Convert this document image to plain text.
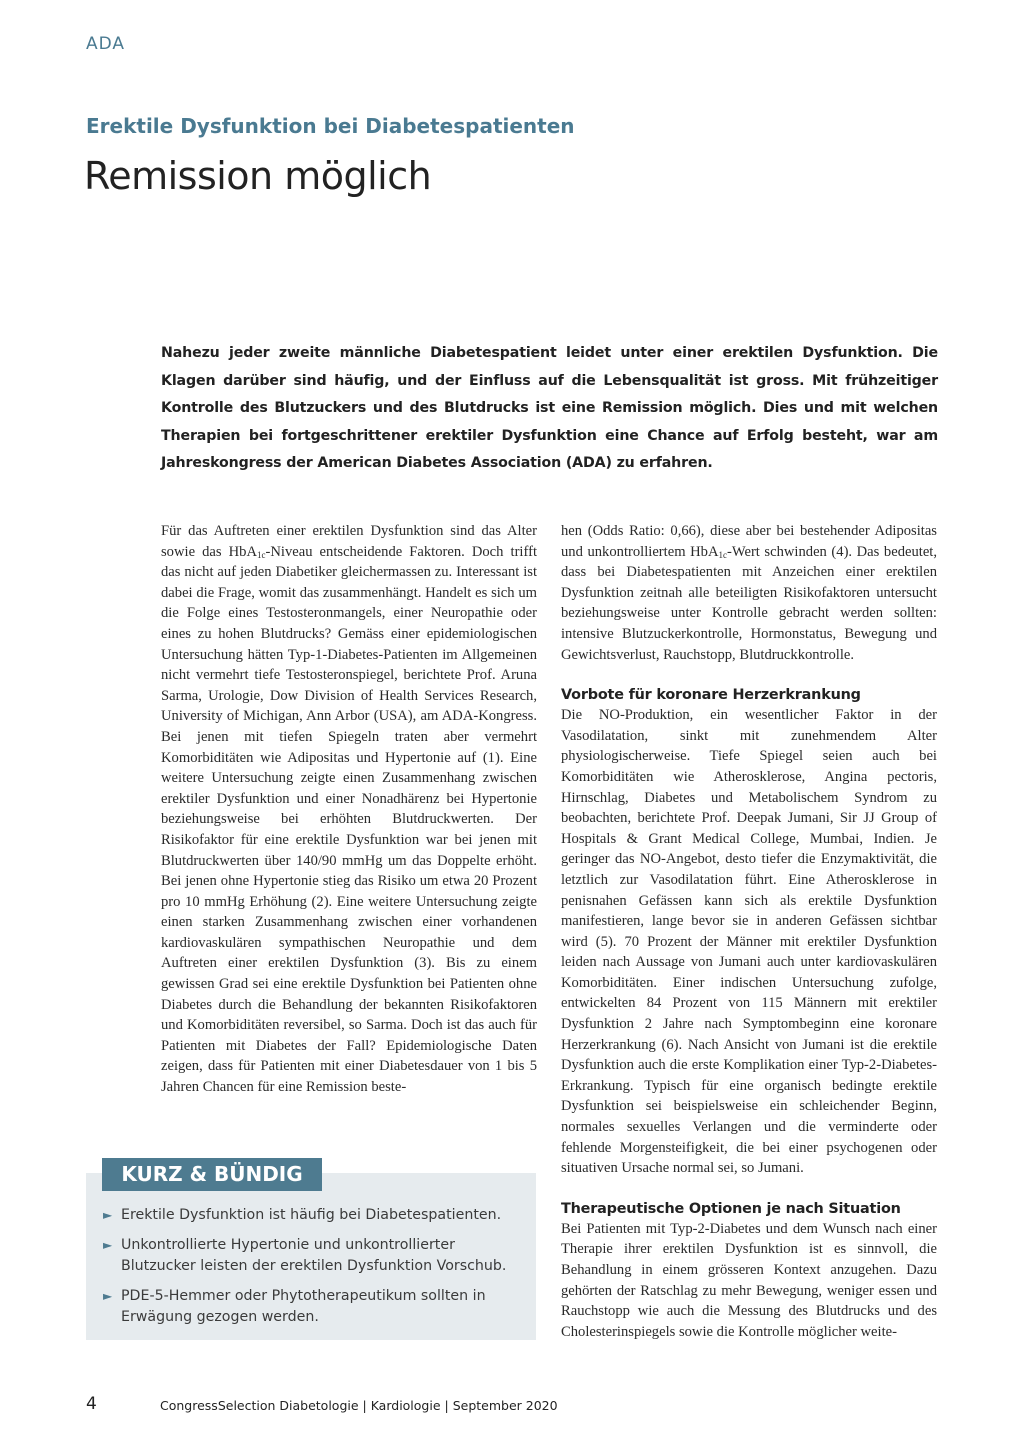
ADA
Erektile Dysfunktion bei Diabetespatienten
Remission möglich
Nahezu jeder zweite männliche Diabetespatient leidet unter einer erektilen Dysfunktion. Die Klagen darüber sind häufig, und der Einfluss auf die Lebensqualität ist gross. Mit frühzeitiger Kontrolle des Blutzuckers und des Blutdrucks ist eine Remission möglich. Dies und mit welchen Therapien bei fortgeschrittener erektiler Dysfunktion eine Chance auf Erfolg besteht, war am Jahreskongress der American Diabetes Association (ADA) zu erfahren.

Für das Auftreten einer erektilen Dysfunktion sind das Alter sowie das HbA$_{1c}$-Niveau entscheidende Faktoren. Doch trifft das nicht auf jeden Diabetiker gleichermassen zu. Interessant ist dabei die Frage, womit das zusammenhängt. Handelt es sich um die Folge eines Testosteronmangels, einer Neuropathie oder eines zu hohen Blutdrucks? Gemäss einer epidemiologischen Untersuchung hätten Typ-1-Diabetes-Patienten im Allgemeinen nicht vermehrt tiefe Testosteronspiegel, berichtete Prof. Aruna Sarma, Urologie, Dow Division of Health Services Research, University of Michigan, Ann Arbor (USA), am ADA-Kongress. Bei jenen mit tiefen Spiegeln traten aber vermehrt Komorbiditäten wie Adipositas und Hypertonie auf (1). Eine weitere Untersuchung zeigte einen Zusammenhang zwischen erektiler Dysfunktion und einer Nonadhärenz bei Hypertonie beziehungsweise bei erhöhten Blutdruckwerten. Der Risikofaktor für eine erektile Dysfunktion war bei jenen mit Blutdruckwerten über 140/90 mmHg um das Doppelte erhöht. Bei jenen ohne Hypertonie stieg das Risiko um etwa 20 Prozent pro 10 mmHg Erhöhung (2). Eine weitere Untersuchung zeigte einen starken Zusammenhang zwischen einer vorhandenen kardiovaskulären sympathischen Neuropathie und dem Auftreten einer erektilen Dysfunktion (3). Bis zu einem gewissen Grad sei eine erektile Dysfunktion bei Patienten ohne Diabetes durch die Behandlung der bekannten Risikofaktoren und Komorbiditäten reversibel, so Sarma. Doch ist das auch für Patienten mit Diabetes der Fall? Epidemiologische Daten zeigen, dass für Patienten mit einer Diabetesdauer von 1 bis 5 Jahren Chancen für eine Remission beste-

hen (Odds Ratio: 0,66), diese aber bei bestehender Adipositas und unkontrolliertem HbA$_{1c}$-Wert schwinden (4). Das bedeutet, dass bei Diabetespatienten mit Anzeichen einer erektilen Dysfunktion zeitnah alle beteiligten Risikofaktoren untersucht beziehungsweise unter Kontrolle gebracht werden sollten: intensive Blutzuckerkontrolle, Hormonstatus, Bewegung und Gewichtsverlust, Rauchstopp, Blutdruckkontrolle.

Vorbote für koronare Herzerkrankung

Die NO-Produktion, ein wesentlicher Faktor in der Vasodilatation, sinkt mit zunehmendem Alter physiologischerweise. Tiefe Spiegel seien auch bei Komorbiditäten wie Atherosklerose, Angina pectoris, Hirnschlag, Diabetes und Metabolischem Syndrom zu beobachten, berichtete Prof. Deepak Jumani, Sir JJ Group of Hospitals & Grant Medical College, Mumbai, Indien. Je geringer das NO-Angebot, desto tiefer die Enzymaktivität, die letztlich zur Vasodilatation führt. Eine Atherosklerose in penisnahen Gefässen kann sich als erektile Dysfunktion manifestieren, lange bevor sie in anderen Gefässen sichtbar wird (5). 70 Prozent der Männer mit erektiler Dysfunktion leiden nach Aussage von Jumani auch unter kardiovaskulären Komorbiditäten. Einer indischen Untersuchung zufolge, entwickelten 84 Prozent von 115 Männern mit erektiler Dysfunktion 2 Jahre nach Symptombeginn eine koronare Herzerkrankung (6). Nach Ansicht von Jumani ist die erektile Dysfunktion auch die erste Komplikation einer Typ-2-Diabetes-Erkrankung. Typisch für eine organisch bedingte erektile Dysfunktion sei beispielsweise ein schleichender Beginn, normales sexuelles Verlangen und die verminderte oder fehlende Morgensteifigkeit, die bei einer psychogenen oder situativen Ursache normal sei, so Jumani.

Therapeutische Optionen je nach Situation

Bei Patienten mit Typ-2-Diabetes und dem Wunsch nach einer Therapie ihrer erektilen Dysfunktion ist es sinnvoll, die Behandlung in einem grösseren Kontext anzugehen. Dazu gehörten der Ratschlag zu mehr Bewegung, weniger essen und Rauchstopp wie auch die Messung des Blutdrucks und des Cholesterinspiegels sowie die Kontrolle möglicher weite-

KURZ & BÜNDIG
► Erektile Dysfunktion ist häufig bei Diabetespatienten.
► Unkontrollierte Hypertonie und unkontrollierter Blutzucker leisten der erektilen Dysfunktion Vorschub.
► PDE-5-Hemmer oder Phytotherapeutikum sollten in Erwägung gezogen werden.
4	CongressSelection Diabetologie | Kardiologie | September 2020
